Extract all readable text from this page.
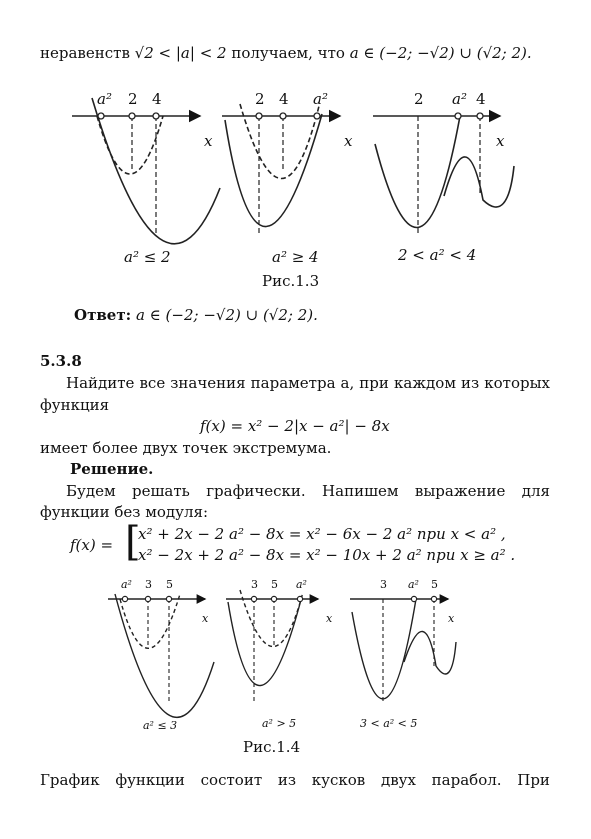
неравенств √2 < |a| < 2 получаем, что a ∈ (−2; −√2) ∪ (√2; 2).
a² 2 4
x
2 4 a²
x
2 a² 4
x
a² ≤ 2	a² ≥ 4	2 < a² < 4
Рис.1.3
Ответ: a ∈ (−2; −√2) ∪ (√2; 2).
5.3.8
Найдите все значения параметра a, при каждом из которых
функция
f(x) = x² − 2|x − a²| − 8x
имеет более двух точек экстремума.
Решение.
Будем решать графически. Напишем выражение для
функции без модуля:
f(x) = [
x² + 2x − 2 a² − 8x = x² − 6x − 2 a² при x < a² ,
x² − 2x + 2 a² − 8x = x² − 10x + 2 a² при x ≥ a² .
a² 3 5
x
3 5 a²
x
3 a² 5
x
a² ≤ 3	a² > 5	3 < a² < 5
Рис.1.4
График функции состоит из кусков двух парабол. При
